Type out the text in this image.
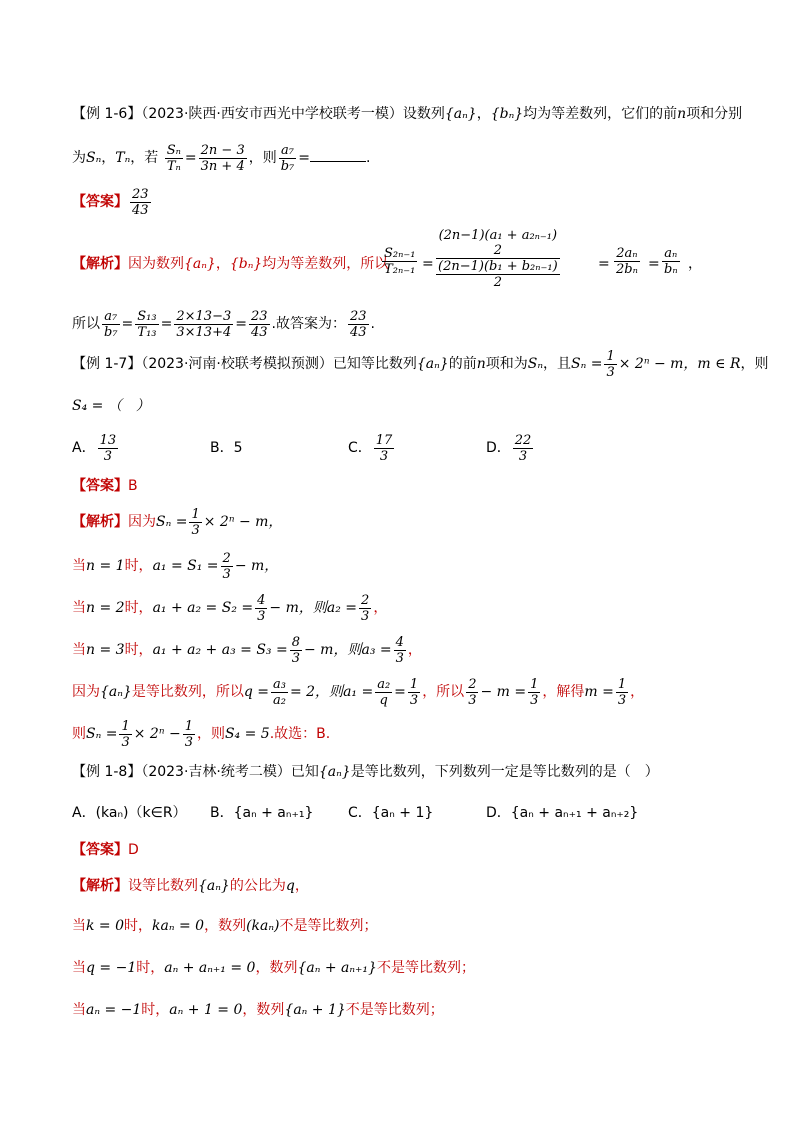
【例 1-6】（2023·陕西·西安市西光中学校联考一模）设数列{aₙ}，{bₙ}均为等差数列，它们的前n项和分别
为Sₙ，Tₙ，若 $\frac{\text{Sₙ}}{\text{Tₙ}} = \frac{2n - 3}{3n + 4}$ ，则 $\frac{\text{a₇}}{\text{b₇}}$ =	.
【答案】 $\frac{23}{43}$
【解析】因为数列{aₙ}，{bₙ}均为等差数列，所以
$\frac{\text{S₂ₙ₋₁}}{\text{T₂ₙ₋₁}}$ =
(2n−1)(a₁ + a₂ₙ₋₁)
2
(2n−1)(b₁ + b₂ₙ₋₁)
2
= $\frac{\text{2aₙ}}{\text{2bₙ}} = \frac{\text{aₙ}}{\text{bₙ}}$ ，
所以 $\frac{\text{a₇}}{\text{b₇}} = \frac{\text{S₁₃}}{\text{T₁₃}} = \frac{2\times 13-3}{3\times 13+4} = \frac{23}{43}$ .故答案为： $\frac{23}{43}$ .
【例 1-7】（2023·河南·校联考模拟预测）已知等比数列{aₙ}的前n项和为Sₙ，且$S_n = \frac{1}{3} \times 2^n - m$，m ∈ R，则
S₄ = （　）
A． $\frac{13}{3}$	B．5	C． $\frac{17}{3}$	D． $\frac{22}{3}$
【答案】B
【解析】因为$S_n = \frac{1}{3} \times 2^n - m$，
当n = 1时，$a_1 = S_1 = \frac{2}{3} - m$，
当n = 2时，$a_1 + a_2 = S_2 = \frac{4}{3} - m$，则$a_2 = \frac{2}{3}$ ，
当n = 3时，$a_1 + a_2 + a_3 = S_3 = \frac{8}{3} - m$，则$a_3 = \frac{4}{3}$ ，
因为{aₙ}是等比数列，所以$q = \frac{\text{a₃}}{\text{a₂}} = 2$，则$a_1 = \frac{\text{a₂}}{q} = \frac{1}{3}$ ，所以 $\frac{2}{3} - m = \frac{1}{3}$ ，解得$m = \frac{1}{3}$ ，
则$S_n = \frac{1}{3} \times 2^n - \frac{1}{3}$ ，则S₄ = 5.故选：B.
【例 1-8】（2023·吉林·统考二模）已知{aₙ}是等比数列，下列数列一定是等比数列的是（　）
A．(kaₙ)（k∈R） B．{aₙ + aₙ₊₁} C．{aₙ + 1}	D．{aₙ + aₙ₊₁ + aₙ₊₂}
【答案】D
【解析】设等比数列{aₙ}的公比为q，
当k = 0时，kaₙ = 0，数列(kaₙ)不是等比数列；
当q = −1时，aₙ + aₙ₊₁ = 0，数列{aₙ + aₙ₊₁}不是等比数列；
当aₙ = −1时，aₙ + 1 = 0，数列{aₙ + 1}不是等比数列；
